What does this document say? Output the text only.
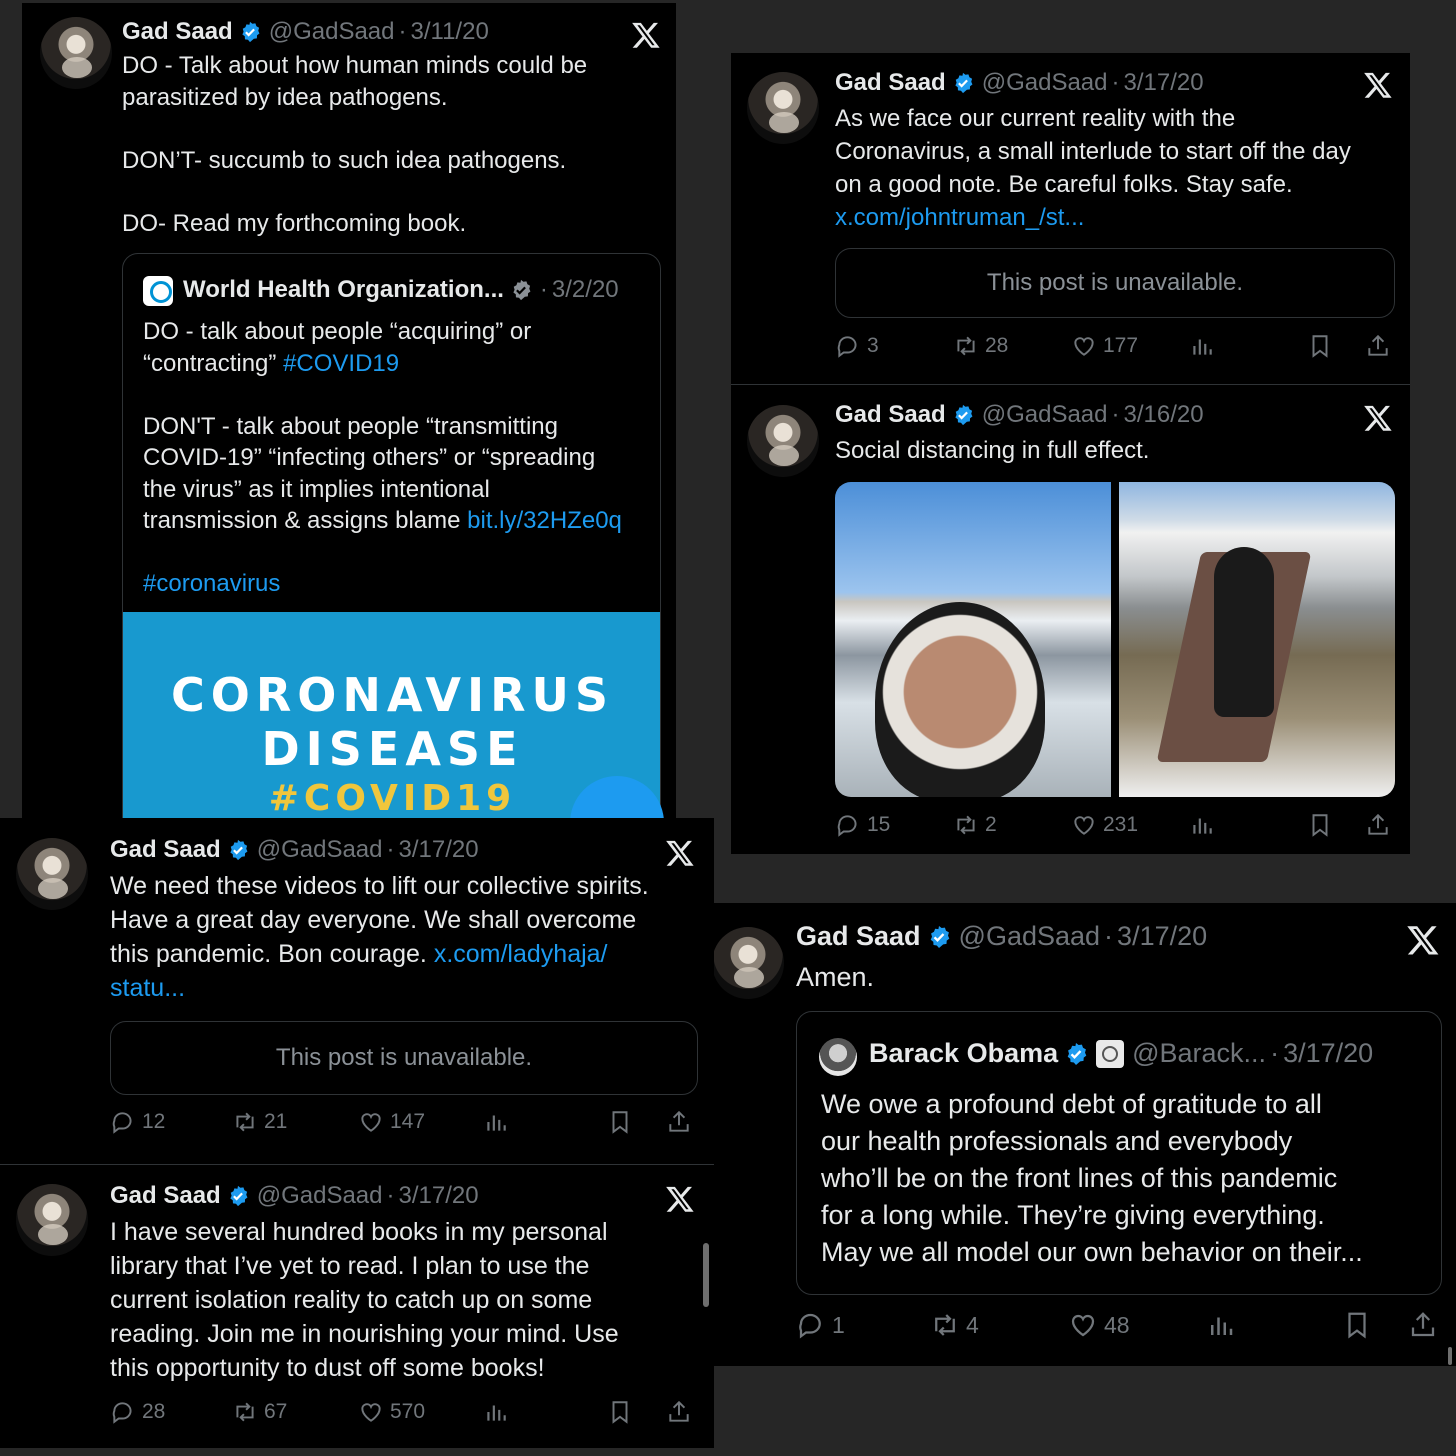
Gad Saad @GadSaad · 3/11/20
DO - Talk about how human minds could be
parasitized by idea pathogens.
DON’T- succumb to such idea pathogens.
DO- Read my forthcoming book.
World Health Organization... · 3/2/20
DO - talk about people “acquiring” or
“contracting” #COVID19
DON'T - talk about people “transmitting
COVID-19” “infecting others” or “spreading
the virus” as it implies intentional
transmission & assigns blame bit.ly/32HZe0q
#coronavirus
CORONAVIRUS DISEASE
#COVID19
Gad Saad @GadSaad · 3/17/20
As we face our current reality with the
Coronavirus, a small interlude to start off the day
on a good note. Be careful folks. Stay safe.
x.com/johntruman_/st...
This post is unavailable.
3	28	177
Gad Saad @GadSaad · 3/16/20
Social distancing in full effect.
15	2	231
Gad Saad @GadSaad · 3/17/20
We need these videos to lift our collective spirits.
Have a great day everyone. We shall overcome
this pandemic. Bon courage. x.com/ladyhaja/
statu...
This post is unavailable.
12	21	147
Gad Saad @GadSaad · 3/17/20
I have several hundred books in my personal
library that I’ve yet to read. I plan to use the
current isolation reality to catch up on some
reading. Join me in nourishing your mind. Use
this opportunity to dust off some books!
28	67	570
Gad Saad @GadSaad · 3/17/20
Amen.
Barack Obama	@Barack... · 3/17/20
We owe a profound debt of gratitude to all
our health professionals and everybody
who’ll be on the front lines of this pandemic
for a long while. They’re giving everything.
May we all model our own behavior on their...
1	4	48
